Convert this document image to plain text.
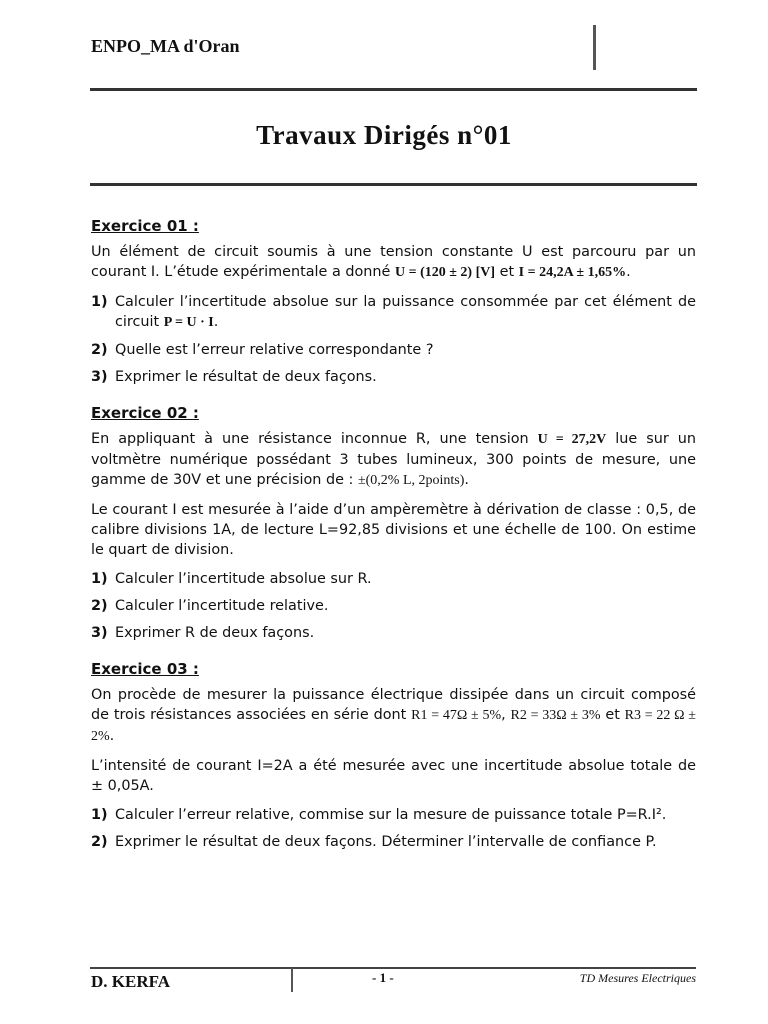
ENPO_MA d'Oran
Travaux Dirigés n°01
Exercice 01 :
Un élément de circuit soumis à une tension constante U est parcouru par un courant I. L’étude expérimentale a donné U = (120 ± 2) [V] et I = 24,2A ± 1,65%.
1) Calculer l’incertitude absolue sur la puissance consommée par cet élément de circuit P = U · I.
2) Quelle est l’erreur relative correspondante ?
3) Exprimer le résultat de deux façons.
Exercice 02 :
En appliquant à une résistance inconnue R, une tension U = 27,2V lue sur un voltmètre numérique possédant 3 tubes lumineux, 300 points de mesure, une gamme de 30V et une précision de : ±(0,2% L, 2points).
Le courant I est mesurée à l’aide d’un ampèremètre à dérivation de classe : 0,5, de calibre divisions 1A, de lecture L=92,85 divisions et une échelle de 100. On estime le quart de division.
1) Calculer l’incertitude absolue sur R.
2) Calculer l’incertitude relative.
3) Exprimer R de deux façons.
Exercice 03 :
On procède de mesurer la puissance électrique dissipée dans un circuit composé de trois résistances associées en série dont R1 = 47Ω ± 5%, R2 = 33Ω ± 3% et R3 = 22 Ω ± 2%.
L’intensité de courant I=2A a été mesurée avec une incertitude absolue totale de ± 0,05A.
1) Calculer l’erreur relative, commise sur la mesure de puissance totale P=R.I².
2) Exprimer le résultat de deux façons. Déterminer l’intervalle de confiance P.
D. KERFA	- 1 -	TD Mesures Electriques
